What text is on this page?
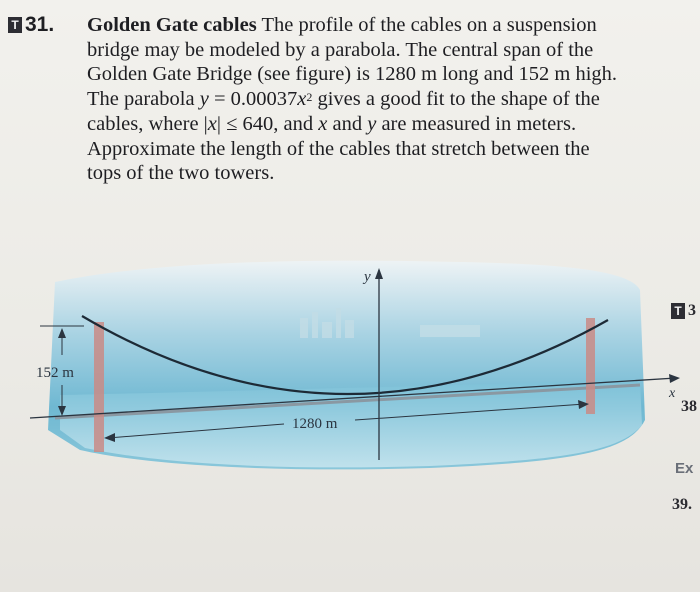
T 31. Golden Gate cables The profile of the cables on a suspension
bridge may be modeled by a parabola. The central span of the
Golden Gate Bridge (see figure) is 1280 m long and 152 m high.
The parabola $y = 0.00037x^2$ gives a good fit to the shape of the
cables, where |x| ≤ 640, and x and y are measured in meters.
Approximate the length of the cables that stretch between the
tops of the two towers.
152 m
1280 m
y
x
T 3
38
Ex
39.
